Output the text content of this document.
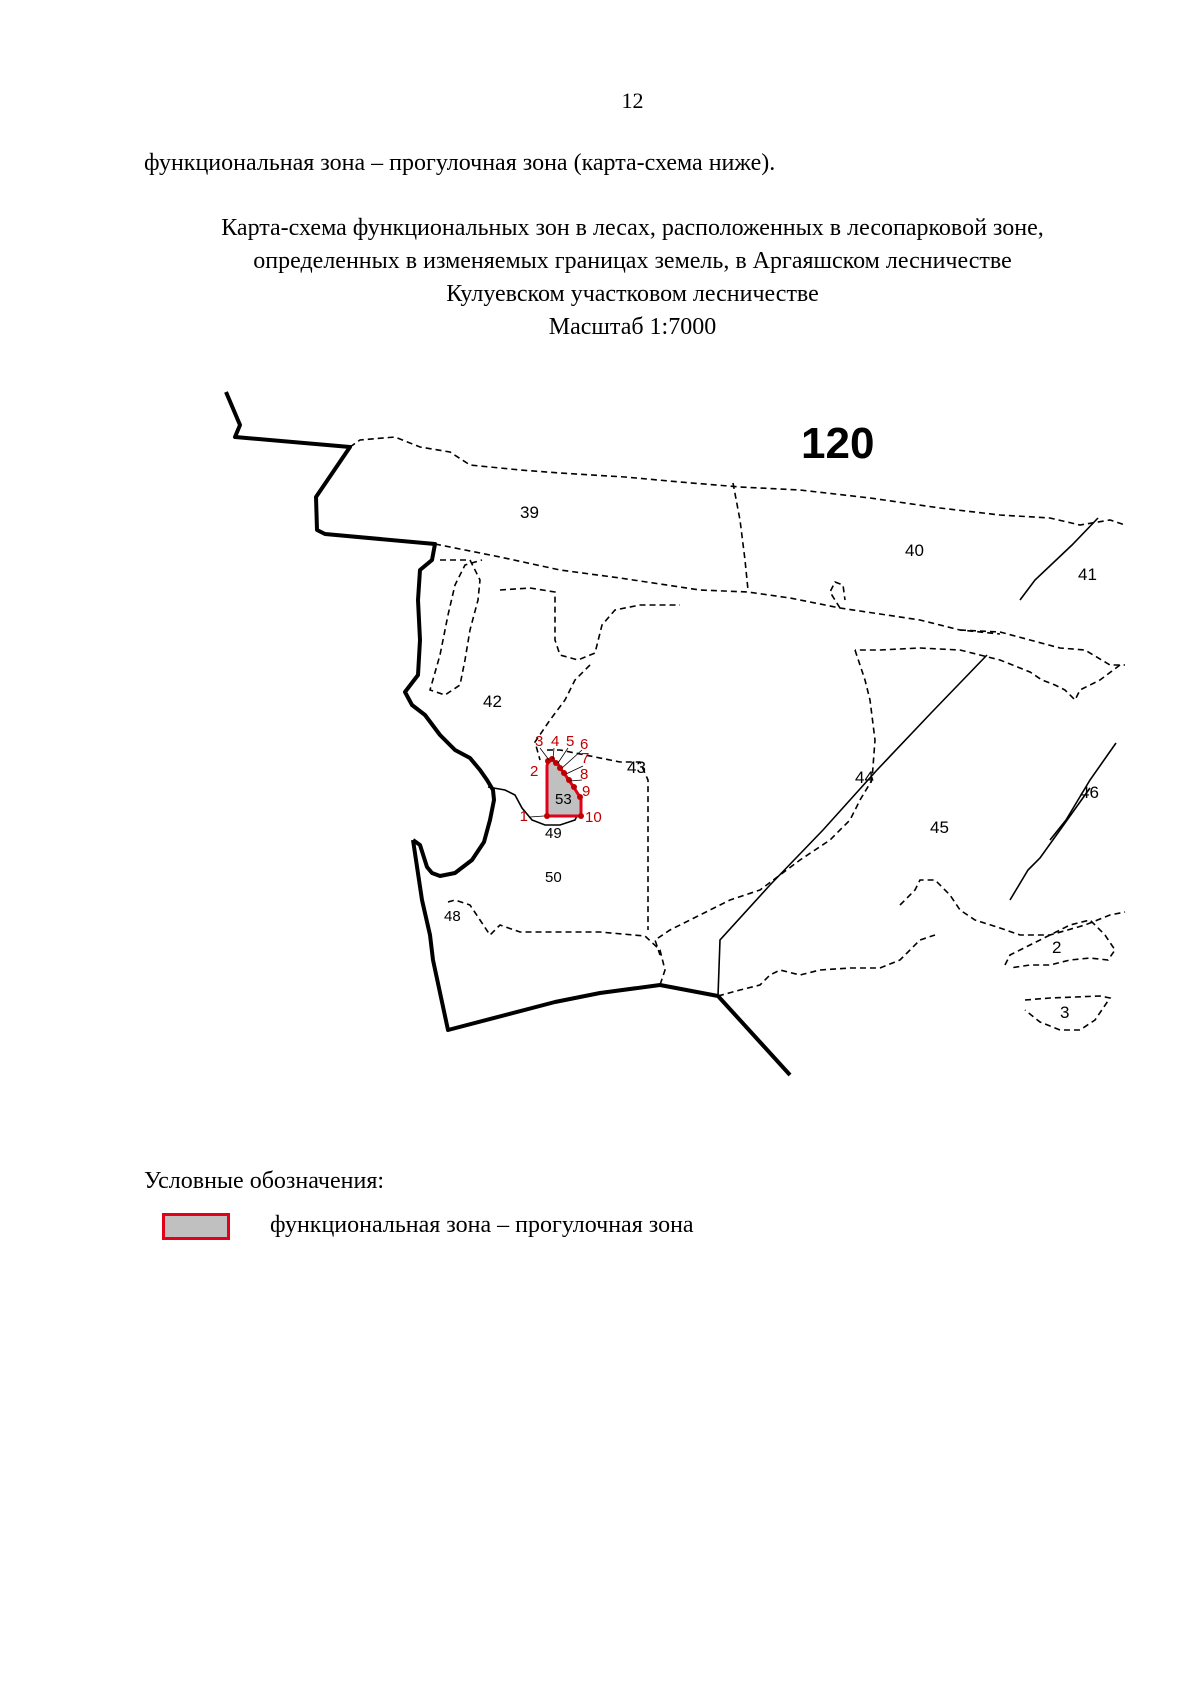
12
функциональная зона – прогулочная зона (карта-схема ниже).
Карта-схема функциональных зон в лесах, расположенных в лесопарковой зоне,
определенных в изменяемых границах земель, в Аргаяшском лесничестве
Кулуевском участковом лесничестве
Масштаб 1:7000
1
2
3 4 5 6
7
8
9
10
120
39
40
41
42
43
44
45
46
2
3
48
49
50
53
Условные обозначения:
функциональная зона – прогулочная зона
